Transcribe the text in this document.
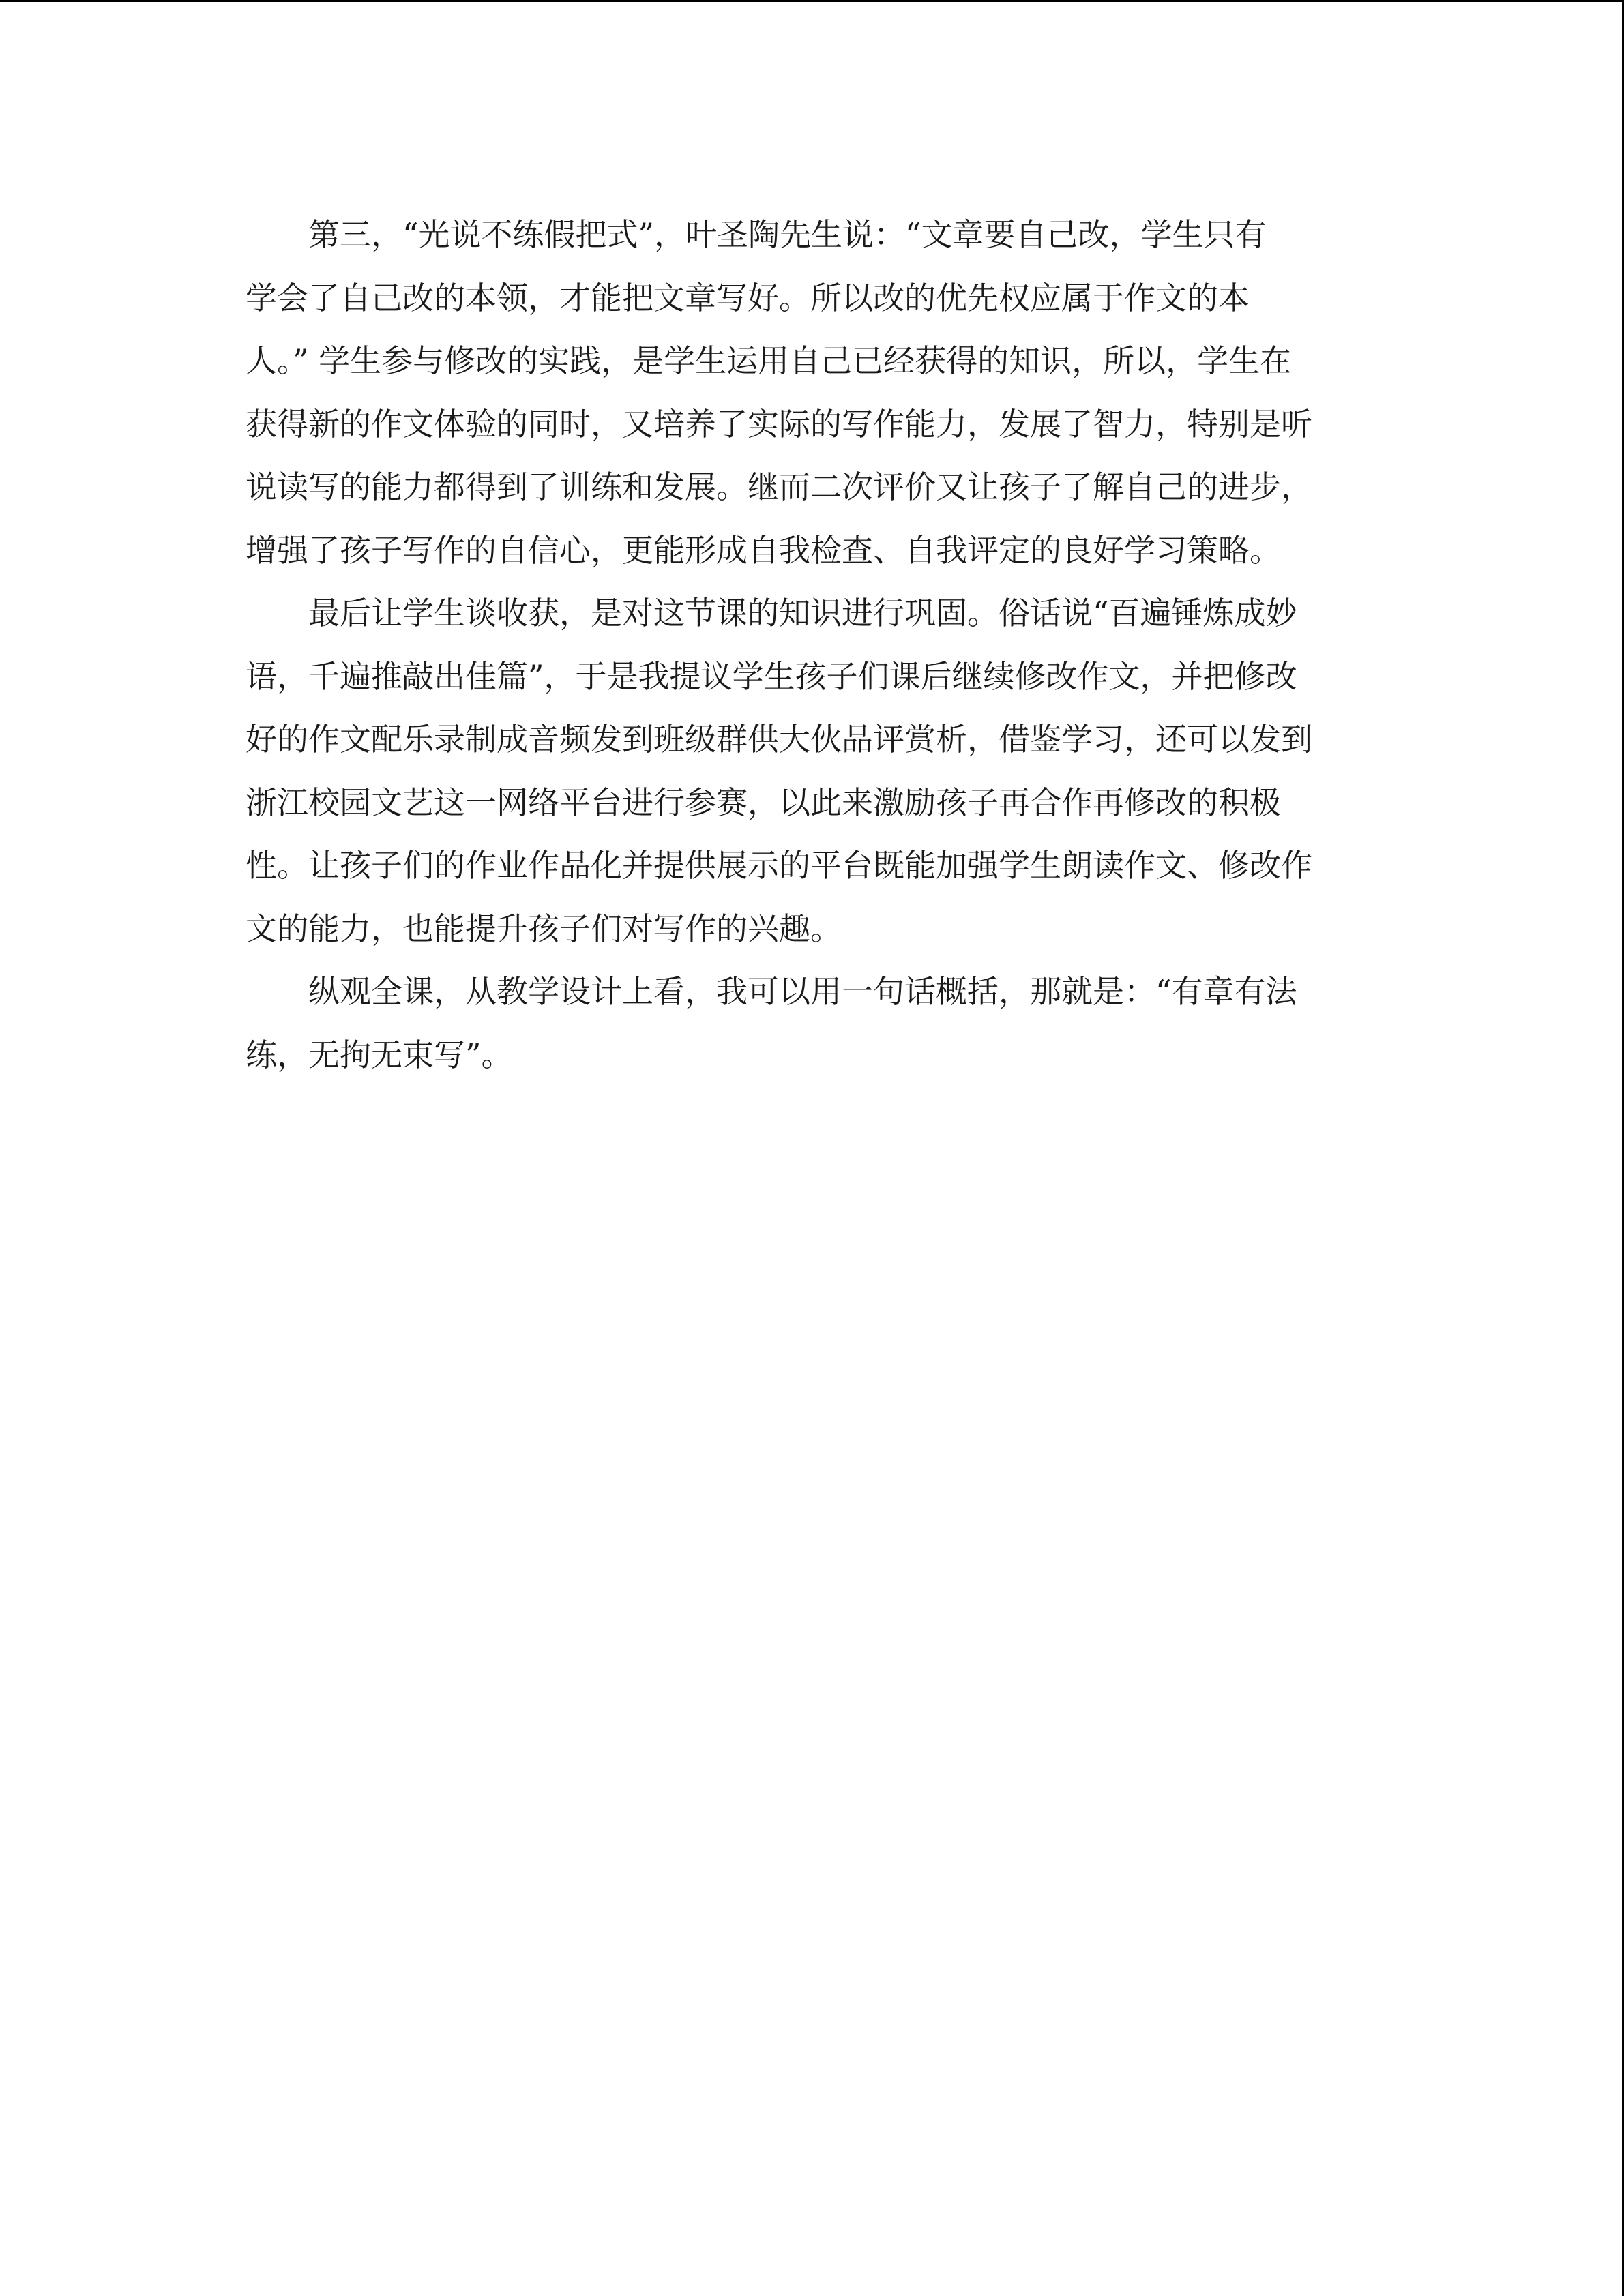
第三，“光说不练假把式”，叶圣陶先生说：“文章要自己改，学生只有
学会了自己改的本领，才能把文章写好。所以改的优先权应属于作文的本
人。” 学生参与修改的实践，是学生运用自己已经获得的知识，所以，学生在
获得新的作文体验的同时，又培养了实际的写作能力，发展了智力，特别是听
说读写的能力都得到了训练和发展。继而二次评价又让孩子了解自己的进步，
增强了孩子写作的自信心，更能形成自我检查、自我评定的良好学习策略。
最后让学生谈收获，是对这节课的知识进行巩固。俗话说“百遍锤炼成妙
语，千遍推敲出佳篇”，于是我提议学生孩子们课后继续修改作文，并把修改
好的作文配乐录制成音频发到班级群供大伙品评赏析，借鉴学习，还可以发到
浙江校园文艺这一网络平台进行参赛，以此来激励孩子再合作再修改的积极
性。让孩子们的作业作品化并提供展示的平台既能加强学生朗读作文、修改作
文的能力，也能提升孩子们对写作的兴趣。
纵观全课，从教学设计上看，我可以用一句话概括，那就是：“有章有法
练，无拘无束写”。
